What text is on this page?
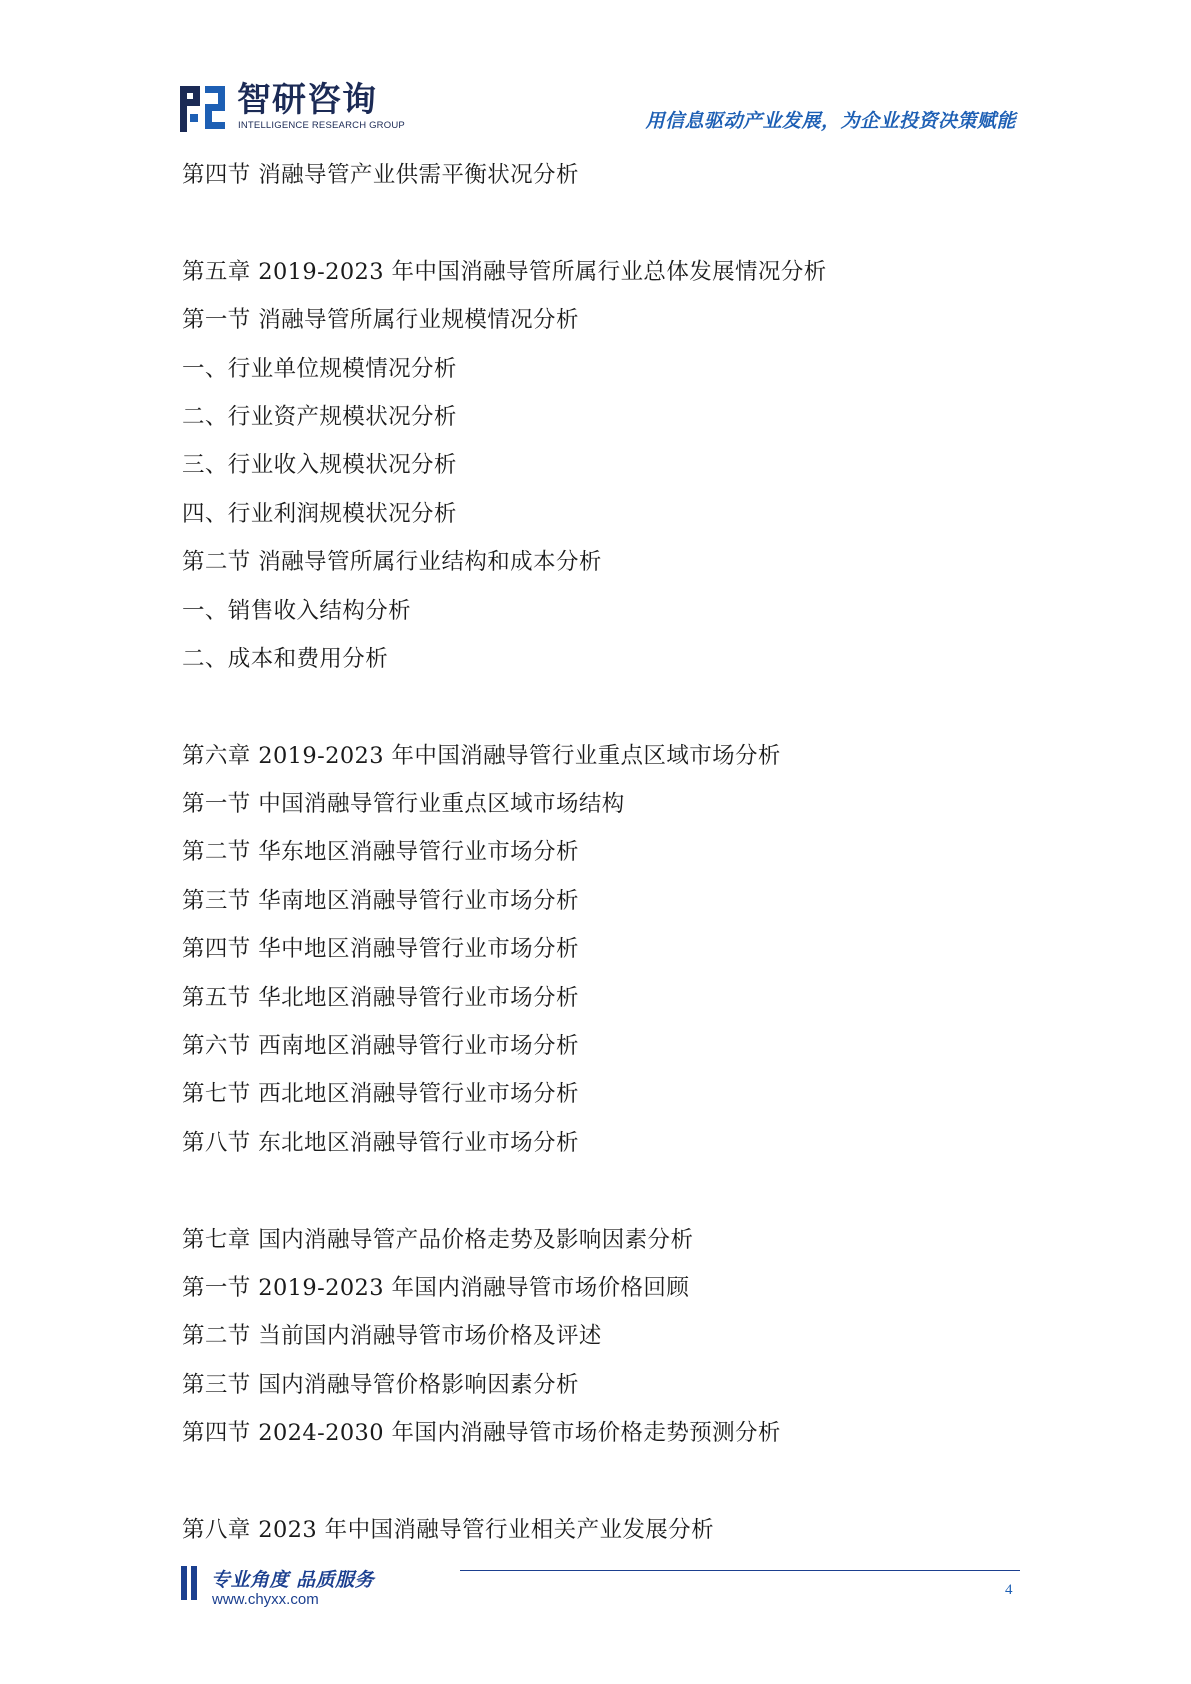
智研咨询
INTELLIGENCE RESEARCH GROUP	用信息驱动产业发展，为企业投资决策赋能
第四节 消融导管产业供需平衡状况分析
第五章 2019-2023 年中国消融导管所属行业总体发展情况分析
第一节 消融导管所属行业规模情况分析
一、行业单位规模情况分析
二、行业资产规模状况分析
三、行业收入规模状况分析
四、行业利润规模状况分析
第二节 消融导管所属行业结构和成本分析
一、销售收入结构分析
二、成本和费用分析
第六章 2019-2023 年中国消融导管行业重点区域市场分析
第一节 中国消融导管行业重点区域市场结构
第二节 华东地区消融导管行业市场分析
第三节 华南地区消融导管行业市场分析
第四节 华中地区消融导管行业市场分析
第五节 华北地区消融导管行业市场分析
第六节 西南地区消融导管行业市场分析
第七节 西北地区消融导管行业市场分析
第八节 东北地区消融导管行业市场分析
第七章 国内消融导管产品价格走势及影响因素分析
第一节 2019-2023 年国内消融导管市场价格回顾
第二节 当前国内消融导管市场价格及评述
第三节 国内消融导管价格影响因素分析
第四节 2024-2030 年国内消融导管市场价格走势预测分析
第八章 2023 年中国消融导管行业相关产业发展分析
专业角度 品质服务
www.chyxx.com
4
